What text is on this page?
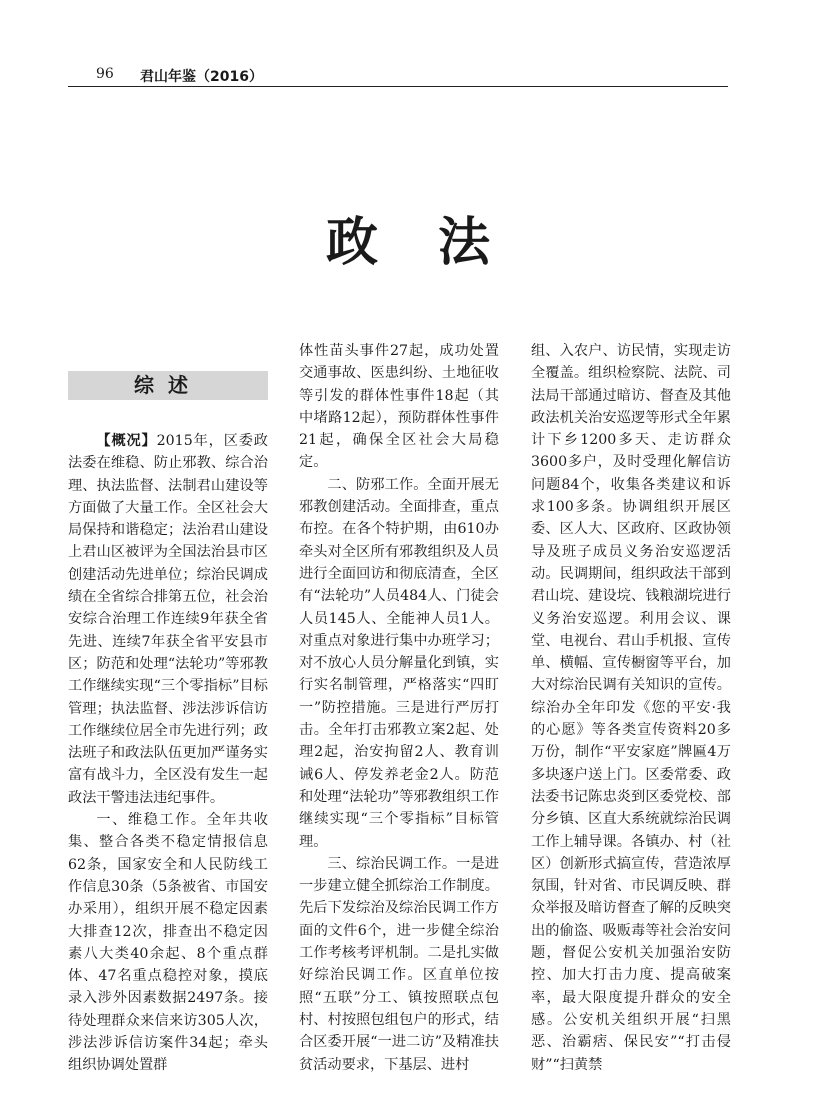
96 君山年鉴（2016）
政法
综述

【概况】2015年，区委政法委在维稳、防止邪教、综合治理、执法监督、法制君山建设等方面做了大量工作。全区社会大局保持和谐稳定；法治君山建设上君山区被评为全国法治县市区创建活动先进单位；综治民调成绩在全省综合排第五位，社会治安综合治理工作连续9年获全省先进、连续7年获全省平安县市区；防范和处理“法轮功”等邪教工作继续实现“三个零指标”目标管理；执法监督、涉法涉诉信访工作继续位居全市先进行列；政法班子和政法队伍更加严谨务实富有战斗力，全区没有发生一起政法干警违法违纪事件。

一、维稳工作。全年共收集、整合各类不稳定情报信息62条，国家安全和人民防线工作信息30条（5条被省、市国安办采用），组织开展不稳定因素大排查12次，排查出不稳定因素八大类40余起、8个重点群体、47名重点稳控对象，摸底录入涉外因素数据2497条。接待处理群众来信来访305人次，涉法涉诉信访案件34起；牵头组织协调处置群

体性苗头事件27起，成功处置交通事故、医患纠纷、土地征收等引发的群体性事件18起（其中堵路12起），预防群体性事件21起，确保全区社会大局稳定。

二、防邪工作。全面开展无邪教创建活动。全面排查，重点布控。在各个特护期，由610办牵头对全区所有邪教组织及人员进行全面回访和彻底清查，全区有“法轮功”人员484人、门徒会人员145人、全能神人员1人。对重点对象进行集中办班学习；对不放心人员分解量化到镇，实行实名制管理，严格落实“四盯一”防控措施。三是进行严厉打击。全年打击邪教立案2起、处理2起，治安拘留2人、教育训诫6人、停发养老金2人。防范和处理“法轮功”等邪教组织工作继续实现“三个零指标”目标管理。

三、综治民调工作。一是进一步建立健全抓综治工作制度。先后下发综治及综治民调工作方面的文件6个，进一步健全综治工作考核考评机制。二是扎实做好综治民调工作。区直单位按照“五联”分工、镇按照联点包村、村按照包组包户的形式，结合区委开展“一进二访”及精准扶贫活动要求，下基层、进村

组、入农户、访民情，实现走访全覆盖。组织检察院、法院、司法局干部通过暗访、督查及其他政法机关治安巡逻等形式全年累计下乡1200多天、走访群众3600多户，及时受理化解信访问题84个，收集各类建议和诉求100多条。协调组织开展区委、区人大、区政府、区政协领导及班子成员义务治安巡逻活动。民调期间，组织政法干部到君山垸、建设垸、钱粮湖垸进行义务治安巡逻。利用会议、课堂、电视台、君山手机报、宣传单、横幅、宣传橱窗等平台，加大对综治民调有关知识的宣传。综治办全年印发《您的平安·我的心愿》等各类宣传资料20多万份，制作“平安家庭”牌匾4万多块逐户送上门。区委常委、政法委书记陈忠炎到区委党校、部分乡镇、区直大系统就综治民调工作上辅导课。各镇办、村（社区）创新形式搞宣传，营造浓厚氛围，针对省、市民调反映、群众举报及暗访督查了解的反映突出的偷盗、吸贩毒等社会治安问题，督促公安机关加强治安防控、加大打击力度、提高破案率，最大限度提升群众的安全感。公安机关组织开展“扫黑恶、治霸痞、保民安”“打击侵财”“扫黄禁
